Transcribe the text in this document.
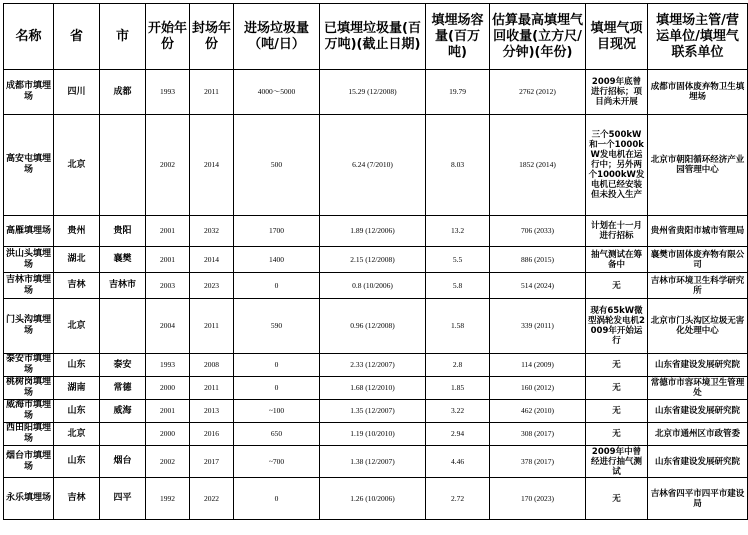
名称	省	市	开始年份	封场年份	进场垃圾量（吨/日）	已填埋垃圾量(百万吨)(截止日期)	填埋场容量(百万吨)	估算最高填埋气回收量(立方尺/分钟)(年份)	填埋气项目现况	填埋场主管/营运单位/填埋气联系单位
成都市填埋场	四川	成都	1993	2011	4000～5000	15.29 (12/2008)	19.79	2762 (2012)	2009年底曾进行招标；项目尚未开展	成都市固体废弃物卫生填埋场
高安屯填埋场	北京		2002	2014	500	6.24 (7/2010)	8.03	1852 (2014)	三个500kW和一个1000kW发电机在运行中；另外两个1000kW发电机已经安装但未投入生产	北京市朝阳循环经济产业园管理中心
高雁填埋场	贵州	贵阳	2001	2032	1700	1.89 (12/2006)	13.2	706 (2033)	计划在十一月进行招标	贵州省贵阳市城市管理局
洪山头填埋场	湖北	襄樊	2001	2014	1400	2.15 (12/2008)	5.5	886 (2015)	抽气测试在筹备中	襄樊市固体废弃物有限公司
吉林市填埋场	吉林	吉林市	2003	2023	0	0.8 (10/2006)	5.8	514 (2024)	无	吉林市环境卫生科学研究所
门头沟填埋场	北京		2004	2011	590	0.96 (12/2008)	1.58	339 (2011)	现有65kW微型涡轮发电机2009年开始运行	北京市门头沟区垃圾无害化处理中心
泰安市填埋场	山东	泰安	1993	2008	0	2.33 (12/2007)	2.8	114 (2009)	无	山东省建设发展研究院
桃树岗填埋场	湖南	常德	2000	2011	0	1.68 (12/2010)	1.85	160 (2012)	无	常德市市容环境卫生管理处
威海市填埋场	山东	威海	2001	2013	~100	1.35 (12/2007)	3.22	462 (2010)	无	山东省建设发展研究院
西田阳填埋场	北京		2000	2016	650	1.19 (10/2010)	2.94	308 (2017)	无	北京市通州区市政管委
烟台市填埋场	山东	烟台	2002	2017	~700	1.38 (12/2007)	4.46	378 (2017)	2009年中曾经进行抽气测试	山东省建设发展研究院
永乐填埋场	吉林	四平	1992	2022	0	1.26 (10/2006)	2.72	170 (2023)	无	吉林省四平市四平市建设局
